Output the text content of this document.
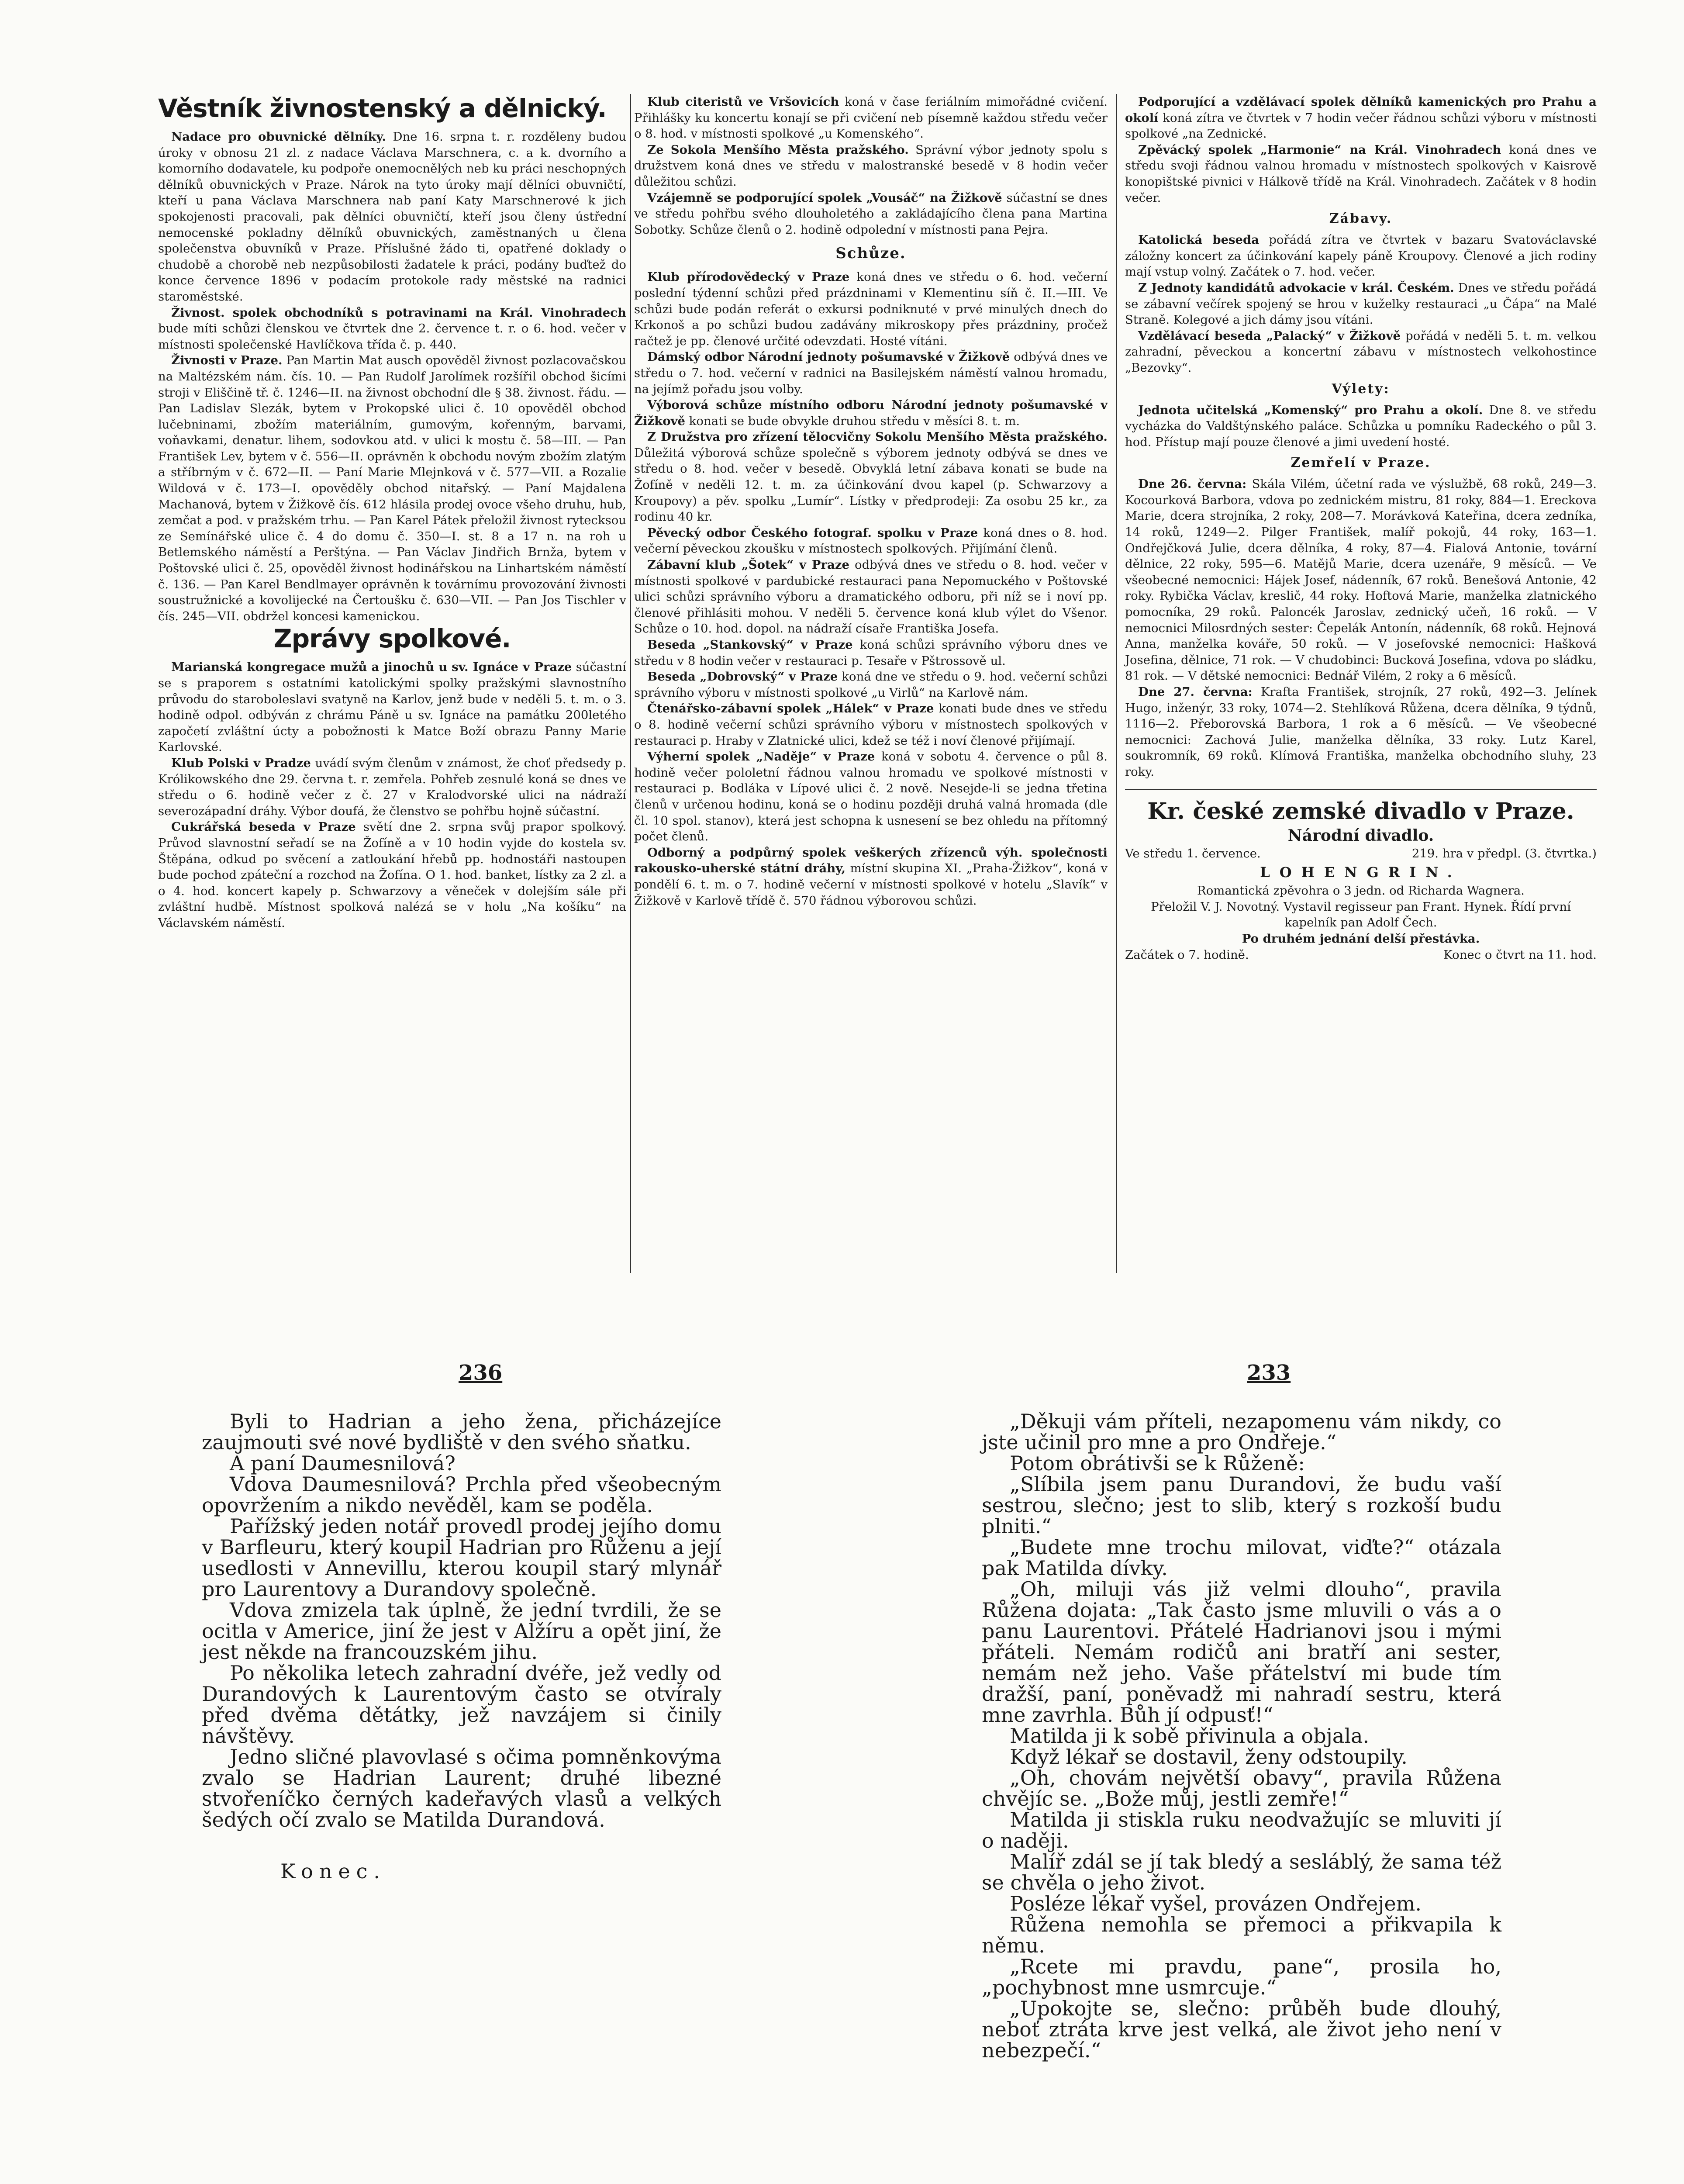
Věstník živnostenský a dělnický.

Nadace pro obuvnické dělníky. Dne 16. srpna t. r. rozděleny budou úroky v obnosu 21 zl. z nadace Václava Marschnera, c. a k. dvorního a komorního dodavatele, ku podpoře onemocnělých neb ku práci neschopných dělníků obuvnických v Praze. Nárok na tyto úroky mají dělníci obuvničtí, kteří u pana Václava Marschnera nab paní Katy Marschnerové k jich spokojenosti pracovali, pak dělníci obuvničtí, kteří jsou členy ústřední nemocenské pokladny dělníků obuvnických, zaměstnaných u člena společenstva obuvníků v Praze. Příslušné žádo ti, opatřené doklady o chudobě a chorobě neb nezpůsobilosti žadatele k práci, podány buďtež do konce července 1896 v podacím protokole rady městské na radnici staroměstské.

Živnost. spolek obchodníků s potravinami na Král. Vinohradech bude míti schůzi členskou ve čtvrtek dne 2. července t. r. o 6. hod. večer v místnosti společenské Havlíčkova třída č. p. 440.

Živnosti v Praze. Pan Martin Mat ausch opověděl živnost pozlacovačskou na Maltézském nám. čís. 10. — Pan Rudolf Jarolímek rozšířil obchod šicími stroji v Eliščině tř. č. 1246—II. na živnost obchodní dle § 38. živnost. řádu. — Pan Ladislav Slezák, bytem v Prokopské ulici č. 10 opověděl obchod lučebninami, zbožím materiálním, gumovým, kořenným, barvami, voňavkami, denatur. lihem, sodovkou atd. v ulici k mostu č. 58—III. — Pan František Lev, bytem v č. 556—II. oprávněn k obchodu novým zbožím zlatým a stříbrným v č. 672—II. — Paní Marie Mlejnková v č. 577—VII. a Rozalie Wildová v č. 173—I. opověděly obchod nitařský. — Paní Majdalena Machanová, bytem v Žižkově čís. 612 hlásila prodej ovoce všeho druhu, hub, zemčat a pod. v pražském trhu. — Pan Karel Pátek přeložil živnost rytecksou ze Semínářské ulice č. 4 do domu č. 350—I. st. 8 a 17 n. na roh u Betlemského náměstí a Perštýna. — Pan Václav Jindřich Brnža, bytem v Poštovské ulici č. 25, opověděl živnost hodinářskou na Linhartském náměstí č. 136. — Pan Karel Bendlmayer oprávněn k továrnímu provozování živnosti soustružnické a kovolijecké na Čertoušku č. 630—VII. — Pan Jos Tischler v čís. 245—VII. obdržel koncesi kamenickou.

Zprávy spolkové.

Marianská kongregace mužů a jinochů u sv. Ignáce v Praze súčastní se s praporem s ostatními katolickými spolky pražskými slavnostního průvodu do staroboleslavi svatyně na Karlov, jenž bude v neděli 5. t. m. o 3. hodině odpol. odbýván z chrámu Páně u sv. Ignáce na památku 200letého započetí zvláštní úcty a pobožnosti k Matce Boží obrazu Panny Marie Karlovské.

Klub Polski v Pradze uvádí svým členům v známost, že choť předsedy p. Królikowského dne 29. června t. r. zemřela. Pohřeb zesnulé koná se dnes ve středu o 6. hodině večer z č. 27 v Kralodvorské ulici na nádraží severozápadní dráhy. Výbor doufá, že členstvo se pohřbu hojně súčastní.

Cukrářská beseda v Praze světí dne 2. srpna svůj prapor spolkový. Průvod slavnostní seřadí se na Žofíně a v 10 hodin vyjde do kostela sv. Štěpána, odkud po svěcení a zatloukání hřebů pp. hodnostáři nastoupen bude pochod zpáteční a rozchod na Žofína. O 1. hod. banket, lístky za 2 zl. a o 4. hod. koncert kapely p. Schwarzovy a věneček v dolejším sále při zvláštní hudbě. Místnost spolková nalézá se v holu „Na košíku“ na Václavském náměstí.

Klub citeristů ve Vršovicích koná v čase feriálním mimořádné cvičení. Přihlášky ku koncertu konají se při cvičení neb písemně každou středu večer o 8. hod. v místnosti spolkové „u Komenského“.

Ze Sokola Menšího Města pražského. Správní výbor jednoty spolu s družstvem koná dnes ve středu v malostranské besedě v 8 hodin večer důležitou schůzi.

Vzájemně se podporující spolek „Vousáč“ na Žižkově súčastní se dnes ve středu pohřbu svého dlouholetého a zakládajícího člena pana Martina Sobotky. Schůze členů o 2. hodině odpolední v místnosti pana Pejra.

Schůze.

Klub přírodovědecký v Praze koná dnes ve středu o 6. hod. večerní poslední týdenní schůzi před prázdninami v Klementinu síň č. II.—III. Ve schůzi bude podán referát o exkursi podniknuté v prvé minulých dnech do Krkonoš a po schůzi budou zadávány mikroskopy přes prázdniny, pročež račtež je pp. členové určité odevzdati. Hosté vítáni.

Dámský odbor Národní jednoty pošumavské v Žižkově odbývá dnes ve středu o 7. hod. večerní v radnici na Basilejském náměstí valnou hromadu, na jejímž pořadu jsou volby.

Výborová schůze místního odboru Národní jednoty pošumavské v Žižkově konati se bude obvykle druhou středu v měsíci 8. t. m.

Z Družstva pro zřízení tělocvičny Sokolu Menšího Města pražského. Důležitá výborová schůze společně s výborem jednoty odbývá se dnes ve středu o 8. hod. večer v besedě. Obvyklá letní zábava konati se bude na Žofíně v neděli 12. t. m. za účinkování dvou kapel (p. Schwarzovy a Kroupovy) a pěv. spolku „Lumír“. Lístky v předprodeji: Za osobu 25 kr., za rodinu 40 kr.

Pěvecký odbor Českého fotograf. spolku v Praze koná dnes o 8. hod. večerní pěveckou zkoušku v místnostech spolkových. Přijímání členů.

Zábavní klub „Šotek“ v Praze odbývá dnes ve středu o 8. hod. večer v místnosti spolkové v pardubické restauraci pana Nepomuckého v Poštovské ulici schůzi správního výboru a dramatického odboru, při níž se i noví pp. členové přihlásiti mohou. V neděli 5. července koná klub výlet do Všenor. Schůze o 10. hod. dopol. na nádraží císaře Františka Josefa.

Beseda „Stankovský“ v Praze koná schůzi správního výboru dnes ve středu v 8 hodin večer v restauraci p. Tesaře v Pštrossově ul.

Beseda „Dobrovský“ v Praze koná dne ve středu o 9. hod. večerní schůzi správního výboru v místnosti spolkové „u Virlů“ na Karlově nám.

Čtenářsko-zábavní spolek „Hálek“ v Praze konati bude dnes ve středu o 8. hodině večerní schůzi správního výboru v místnostech spolkových v restauraci p. Hraby v Zlatnické ulici, kdež se též i noví členové přijímají.

Výherní spolek „Naděje“ v Praze koná v sobotu 4. července o půl 8. hodině večer pololetní řádnou valnou hromadu ve spolkové místnosti v restauraci p. Bodláka v Lípové ulici č. 2 nově. Nesejde-li se jedna třetina členů v určenou hodinu, koná se o hodinu později druhá valná hromada (dle čl. 10 spol. stanov), která jest schopna k usnesení se bez ohledu na přítomný počet členů.

Odborný a podpůrný spolek veškerých zřízenců výh. společnosti rakousko-uherské státní dráhy, místní skupina XI. „Praha-Žižkov“, koná v pondělí 6. t. m. o 7. hodině večerní v místnosti spolkové v hotelu „Slavík“ v Žižkově v Karlově třídě č. 570 řádnou výborovou schůzi.

Podporující a vzdělávací spolek dělníků kamenických pro Prahu a okolí koná zítra ve čtvrtek v 7 hodin večer řádnou schůzi výboru v místnosti spolkové „na Zednické.

Zpěvácký spolek „Harmonie“ na Král. Vinohradech koná dnes ve středu svoji řádnou valnou hromadu v místnostech spolkových v Kaisrově konopištské pivnici v Hálkově třídě na Král. Vinohradech. Začátek v 8 hodin večer.

Zábavy.

Katolická beseda pořádá zítra ve čtvrtek v bazaru Svatováclavské záložny koncert za účinkování kapely páně Kroupovy. Členové a jich rodiny mají vstup volný. Začátek o 7. hod. večer.

Z Jednoty kandidátů advokacie v král. Českém. Dnes ve středu pořádá se zábavní večírek spojený se hrou v kuželky restauraci „u Čápa“ na Malé Straně. Kolegové a jich dámy jsou vítáni.

Vzdělávací beseda „Palacký“ v Žižkově pořádá v neděli 5. t. m. velkou zahradní, pěveckou a koncertní zábavu v místnostech velkohostince „Bezovky“.

Výlety:

Jednota učitelská „Komenský“ pro Prahu a okolí. Dne 8. ve středu vycházka do Valdštýnského paláce. Schůzka u pomníku Radeckého o půl 3. hod. Přístup mají pouze členové a jimi uvedení hosté.

Zemřelí v Praze.

Dne 26. června: Skála Vilém, účetní rada ve výslužbě, 68 roků, 249—3. Kocourková Barbora, vdova po zednickém mistru, 81 roky, 884—1. Ereckova Marie, dcera strojníka, 2 roky, 208—7. Morávková Kateřina, dcera zedníka, 14 roků, 1249—2. Pilger František, malíř pokojů, 44 roky, 163—1. Ondřejčková Julie, dcera dělníka, 4 roky, 87—4. Fialová Antonie, tovární dělnice, 22 roky, 595—6. Matějů Marie, dcera uzenáře, 9 měsíců. — Ve všeobecné nemocnici: Hájek Josef, nádenník, 67 roků. Benešová Antonie, 42 roky. Rybička Václav, kreslič, 44 roky. Hoftová Marie, manželka zlatnického pomocníka, 29 roků. Paloncék Jaroslav, zednický učeň, 16 roků. — V nemocnici Milosrdných sester: Čepelák Antonín, nádenník, 68 roků. Hejnová Anna, manželka kováře, 50 roků. — V josefovské nemocnici: Hašková Josefina, dělnice, 71 rok. — V chudobinci: Bucková Josefina, vdova po sládku, 81 rok. — V dětské nemocnici: Bednář Vilém, 2 roky a 6 měsíců.

Dne 27. června: Krafta František, strojník, 27 roků, 492—3. Jelínek Hugo, inženýr, 33 roky, 1074—2. Stehlíková Růžena, dcera dělníka, 9 týdnů, 1116—2. Přeborovská Barbora, 1 rok a 6 měsíců. — Ve všeobecné nemocnici: Zachová Julie, manželka dělníka, 33 roky. Lutz Karel, soukromník, 69 roků. Klímová Františka, manželka obchodního sluhy, 23 roky.

Kr. české zemské divadlo v Praze.

Národní divadlo.

Ve středu 1. července.	219. hra v předpl. (3. čtvrtka.)

LOHENGRIN.

Romantická zpěvohra o 3 jedn. od Richarda Wagnera.

Přeložil V. J. Novotný. Vystavil regisseur pan Frant. Hynek. Řídí první kapelník pan Adolf Čech.

Po druhém jednání delší přestávka.

Začátek o 7. hodině.	Konec o čtvrt na 11. hod.

236

Byli to Hadrian a jeho žena, přicházejíce zaujmouti své nové bydliště v den svého sňatku.

A paní Daumesnilová?

Vdova Daumesnilová? Prchla před všeobecným opovržením a nikdo nevěděl, kam se poděla.

Pařížský jeden notář provedl prodej jejího domu v Barfleuru, který koupil Hadrian pro Růženu a její usedlosti v Annevillu, kterou koupil starý mlynář pro Laurentovy a Durandovy společně.

Vdova zmizela tak úplně, že jední tvrdili, že se ocitla v Americe, jiní že jest v Alžíru a opět jiní, že jest někde na francouzském jihu.

Po několika letech zahradní dvéře, jež vedly od Durandových k Laurentovým často se otvíraly před dvěma dětátky, jež navzájem si činily návštěvy.

Jedno sličné plavovlasé s očima pomněnkovýma zvalo se Hadrian Laurent; druhé libezné stvořeníčko černých kadeřavých vlasů a velkých šedých očí zvalo se Matilda Durandová.

Konec.

233

„Děkuji vám příteli, nezapomenu vám nikdy, co jste učinil pro mne a pro Ondřeje.“

Potom obrátivši se k Růženě:

„Slíbila jsem panu Durandovi, že budu vaší sestrou, slečno; jest to slib, který s rozkoší budu plniti.“

„Budete mne trochu milovat, viďte?“ otázala pak Matilda dívky.

„Oh, miluji vás již velmi dlouho“, pravila Růžena dojata: „Tak často jsme mluvili o vás a o panu Laurentovi. Přátelé Hadrianovi jsou i mými přáteli. Nemám rodičů ani bratří ani sester, nemám než jeho. Vaše přátelství mi bude tím dražší, paní, poněvadž mi nahradí sestru, která mne zavrhla. Bůh jí odpusť!“

Matilda ji k sobě přivinula a objala.

Když lékař se dostavil, ženy odstoupily.

„Oh, chovám největší obavy“, pravila Růžena chvějíc se. „Bože můj, jestli zemře!“

Matilda ji stiskla ruku neodvažujíc se mluviti jí o naději.

Malíř zdál se jí tak bledý a sesláblý, že sama též se chvěla o jeho život.

Posléze lékař vyšel, provázen Ondřejem.

Růžena nemohla se přemoci a přikvapila k němu.

„Rcete mi pravdu, pane“, prosila ho, „pochybnost mne usmrcuje.“

„Upokojte se, slečno: průběh bude dlouhý, neboť ztráta krve jest velká, ale život jeho není v nebezpečí.“
